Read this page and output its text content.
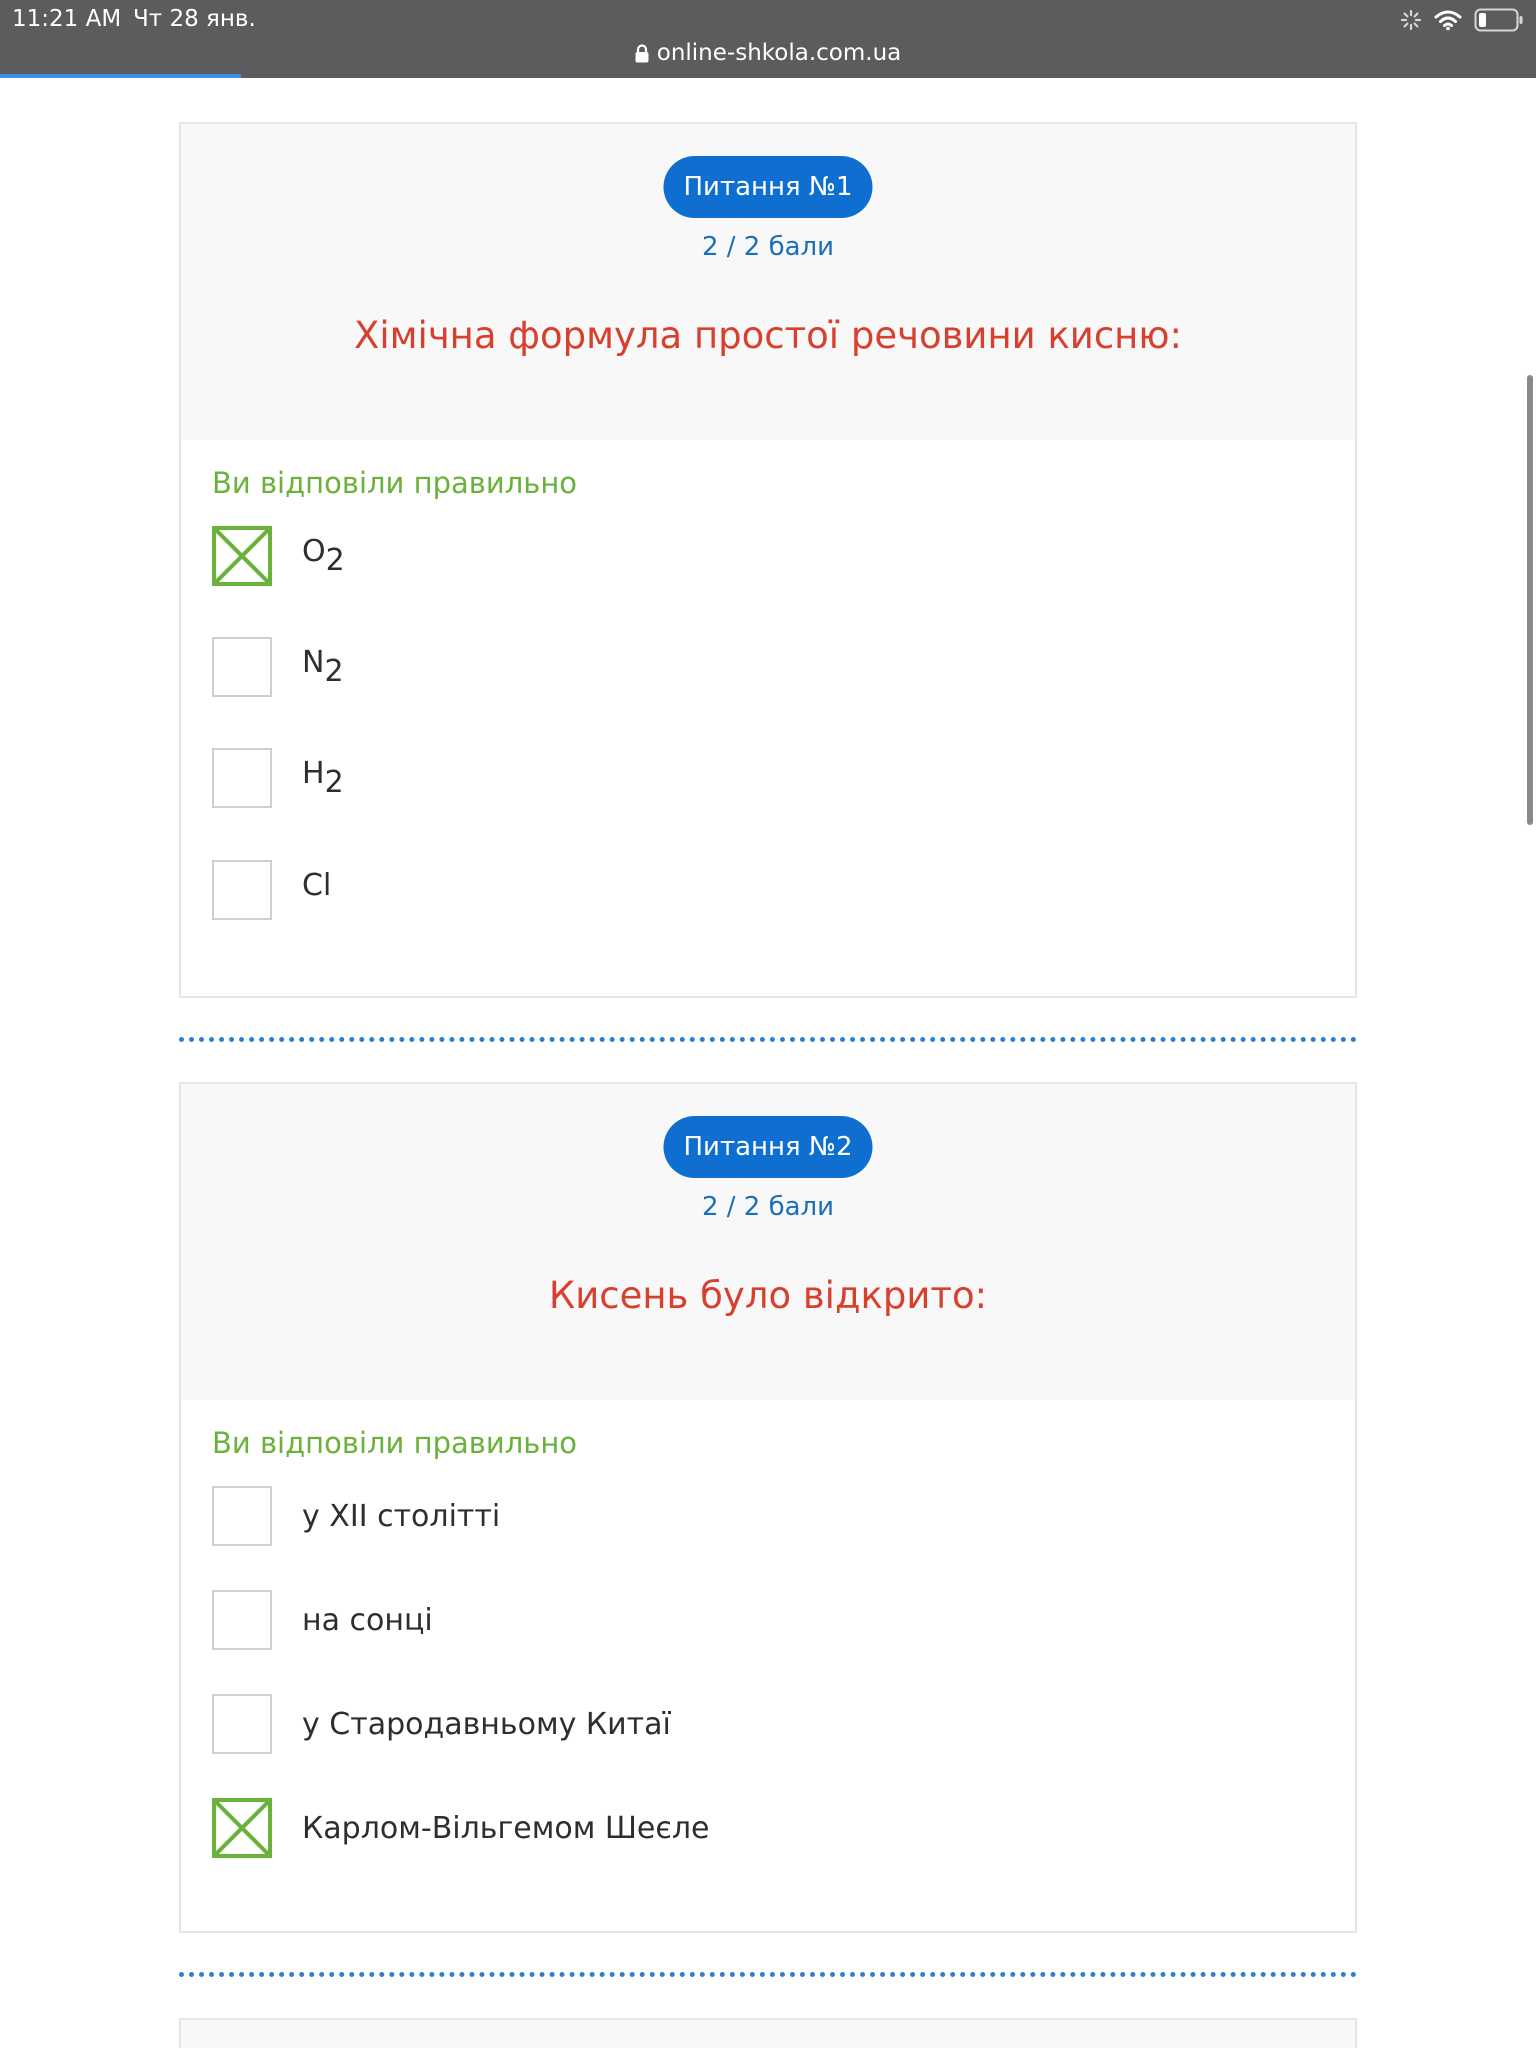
11:21 AM Чт 28 янв.
online-shkola.com.ua
Питання №1
2 / 2 бали
Хімічна формула простої речовини кисню:
Ви відповіли правильно
$O_2$
$N_2$
$H_2$
Cl
Питання №2
2 / 2 бали
Кисень було відкрито:
Ви відповіли правильно
у ХІІ столітті
на сонці
у Стародавньому Китаї
Карлом-Вільгемом Шеєле
